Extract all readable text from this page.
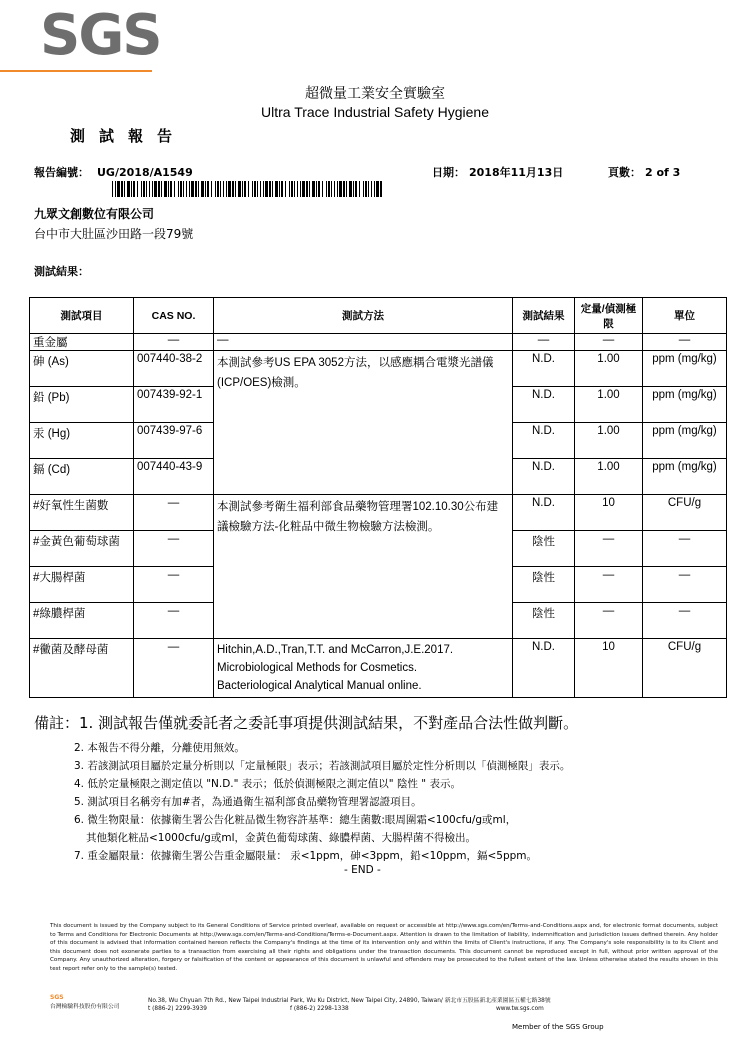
SGS
超微量工業安全實驗室
Ultra Trace Industrial Safety Hygiene
測試報告
報告編號： UG/2018/A1549	日期： 2018年11月13日	頁數： 2 of 3
九眾文創數位有限公司
台中市大肚區沙田路一段79號
測試結果：
測試項目	CAS NO.	測試方法	測試結果	定量/偵測極限	單位
重金屬	—	—	—	—	—
砷 (As)	007440-38-2	本測試參考US EPA 3052方法，以感應耦合電漿光譜儀(ICP/OES)檢測。	N.D.	1.00	ppm (mg/kg)
鉛 (Pb)	007439-92-1		N.D.	1.00	ppm (mg/kg)
汞 (Hg)	007439-97-6		N.D.	1.00	ppm (mg/kg)
鎘 (Cd)	007440-43-9		N.D.	1.00	ppm (mg/kg)
#好氧性生菌數	—	本測試參考衛生福利部食品藥物管理署102.10.30公布建議檢驗方法-化粧品中微生物檢驗方法檢測。	N.D.	10	CFU/g
#金黃色葡萄球菌	—		陰性	—	—
#大腸桿菌	—		陰性	—	—
#綠膿桿菌	—		陰性	—	—
#黴菌及酵母菌	—	Hitchin,A.D.,Tran,T.T. and McCarron,J.E.2017.
Microbiological Methods for Cosmetics.
Bacteriological Analytical Manual online.	N.D.	10	CFU/g
備註：1. 測試報告僅就委託者之委託事項提供測試結果，不對產品合法性做判斷。
2. 本報告不得分離，分離使用無效。
3. 若該測試項目屬於定量分析則以「定量極限」表示；若該測試項目屬於定性分析則以「偵測極限」表示。
4. 低於定量極限之測定值以 "N.D." 表示；低於偵測極限之測定值以" 陰性 " 表示。
5. 測試項目名稱旁有加#者，為通過衛生福利部食品藥物管理署認證項目。
6. 微生物限量：依據衛生署公告化粧品微生物容許基準：總生菌數:眼周圍霜<100cfu/g或ml，
其他類化粧品<1000cfu/g或ml，金黃色葡萄球菌、綠膿桿菌、大腸桿菌不得檢出。
7. 重金屬限量：依據衛生署公告重金屬限量： 汞<1ppm，砷<3ppm，鉛<10ppm，鎘<5ppm。
- END -
This document is issued by the Company subject to its General Conditions of Service printed overleaf, available on request or accessible at http://www.sgs.com/en/Terms-and-Conditions.aspx and, for electronic format documents, subject to Terms and Conditions for Electronic Documents at http://www.sgs.com/en/Terms-and-Conditions/Terms-e-Document.aspx. Attention is drawn to the limitation of liability, indemnification and jurisdiction issues defined therein. Any holder of this document is advised that information contained hereon reflects the Company's findings at the time of its intervention only and within the limits of Client's instructions, if any. The Company's sole responsibility is to its Client and this document does not exonerate parties to a transaction from exercising all their rights and obligations under the transaction documents. This document cannot be reproduced except in full, without prior written approval of the Company. Any unauthorized alteration, forgery or falsification of the content or appearance of this document is unlawful and offenders may be prosecuted to the fullest extent of the law. Unless otherwise stated the results shown in this test report refer only to the sample(s) tested.
SGS
台灣檢驗科技股份有限公司
No.38, Wu Chyuan 7th Rd., New Taipei Industrial Park, Wu Ku District, New Taipei City, 24890, Taiwan/ 新北市五股區新北產業園區五權七路38號
t (886-2) 2299-3939	f (886-2) 2298-1338	www.tw.sgs.com
Member of the SGS Group
